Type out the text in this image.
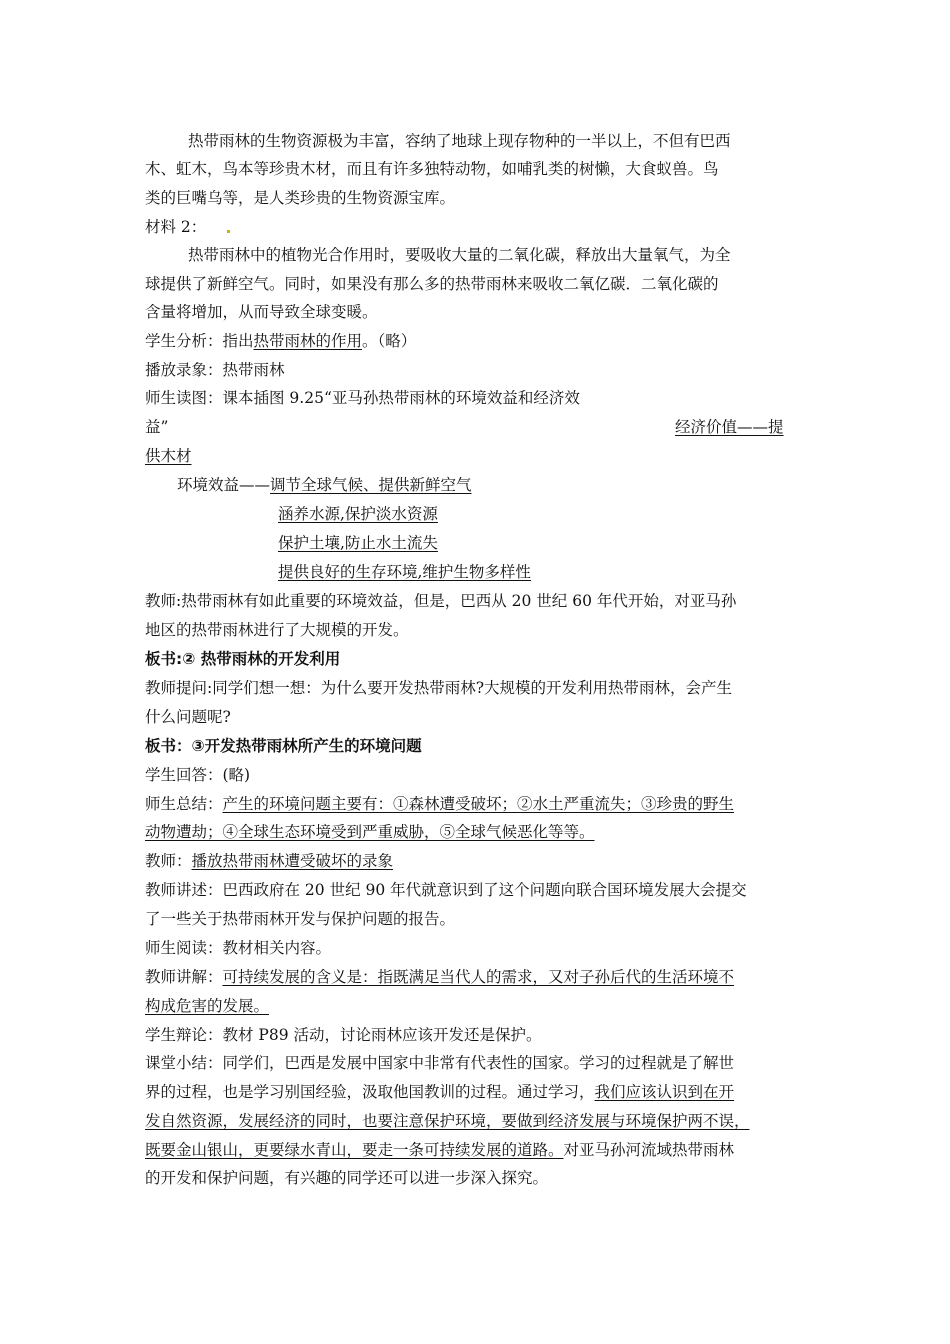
热带雨林的生物资源极为丰富，容纳了地球上现存物种的一半以上，不但有巴西
木、虹木，鸟本等珍贵木材，而且有许多独特动物，如哺乳类的树懒，大食蚁兽。鸟
类的巨嘴乌等，是人类珍贵的生物资源宝库。
材料 2：
热带雨林中的植物光合作用时，要吸收大量的二氧化碳，释放出大量氧气，为全
球提供了新鲜空气。同时，如果没有那么多的热带雨林来吸收二氧亿碳．二氧化碳的
含量将增加，从而导致全球变暖。
学生分析：指出热带雨林的作用。（略）
播放录象：热带雨林
师生读图：课本插图 9.25“亚马孙热带雨林的环境效益和经济效
益”	经济价值——提
供木材
环境效益——调节全球气候、提供新鲜空气
涵养水源,保护淡水资源
保护土壤,防止水土流失
提供良好的生存环境,维护生物多样性
教师:热带雨林有如此重要的环境效益，但是，巴西从 20 世纪 60 年代开始，对亚马孙
地区的热带雨林进行了大规模的开发。
板书:② 热带雨林的开发利用
教师提问:同学们想一想：为什么要开发热带雨林?大规模的开发利用热带雨林，会产生
什么问题呢?
板书：③开发热带雨林所产生的环境问题
学生回答：(略)
师生总结：产生的环境问题主要有：①森林遭受破坏；②水土严重流失；③珍贵的野生
动物遭劫；④全球生态环境受到严重威胁，⑤全球气候恶化等等。
教师：播放热带雨林遭受破坏的录象
教师讲述：巴西政府在 20 世纪 90 年代就意识到了这个问题向联合国环境发展大会提交
了一些关于热带雨林开发与保护问题的报告。
师生阅读：教材相关内容。
教师讲解：可持续发展的含义是：指既满足当代人的需求，又对子孙后代的生活环境不
构成危害的发展。
学生辩论：教材 P89 活动，讨论雨林应该开发还是保护。
课堂小结：同学们，巴西是发展中国家中非常有代表性的国家。学习的过程就是了解世
界的过程，也是学习别国经验，汲取他国教训的过程。通过学习，我们应该认识到在开
发自然资源，发展经济的同时，也要注意保护环境，要做到经济发展与环境保护两不误，
既要金山银山，更要绿水青山，要走一条可持续发展的道路。对亚马孙河流域热带雨林
的开发和保护问题，有兴趣的同学还可以进一步深入探究。
